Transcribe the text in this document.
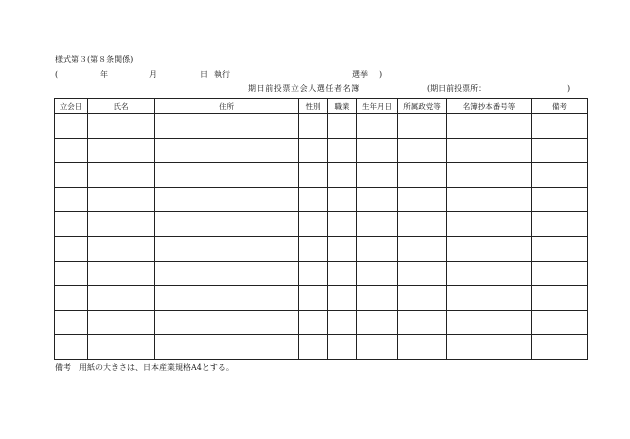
様式第３(第８条関係)
(	年	月	日 執行	選挙 )
期日前投票立会人選任者名簿	(期日前投票所：	)
立会日	氏名	住所	性別	職業	生年月日	所属政党等	名簿抄本番号等	備考

備考　用紙の大きさは、日本産業規格A4とする。
